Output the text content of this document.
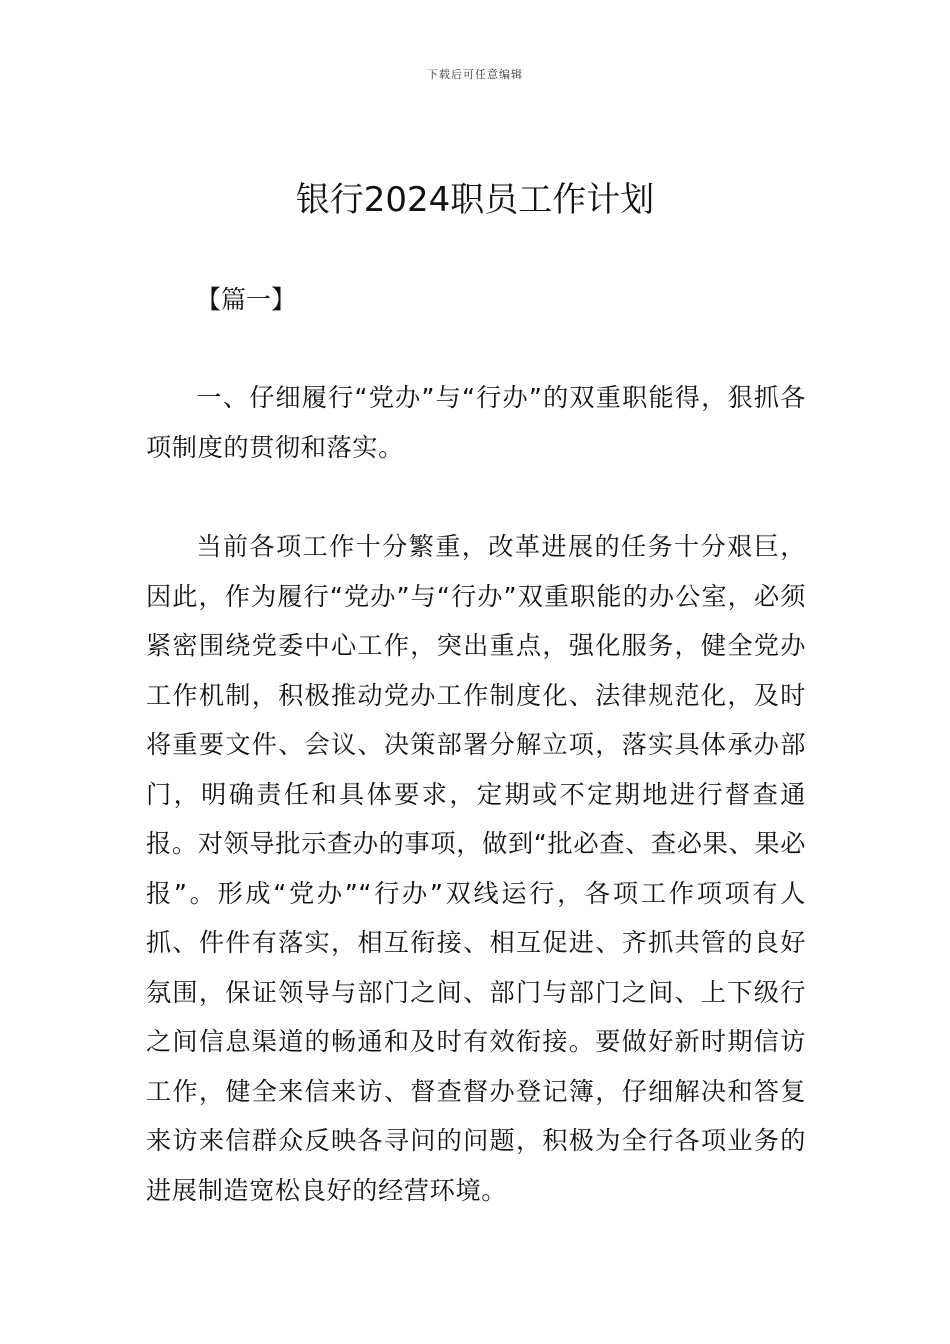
下载后可任意编辑
银行2024职员工作计划
【篇一】

一、仔细履行“党办”与“行办”的双重职能得，狠抓各项制度的贯彻和落实。

当前各项工作十分繁重，改革进展的任务十分艰巨，因此，作为履行“党办”与“行办”双重职能的办公室，必须紧密围绕党委中心工作，突出重点，强化服务，健全党办工作机制，积极推动党办工作制度化、法律规范化，及时将重要文件、会议、决策部署分解立项，落实具体承办部门，明确责任和具体要求，定期或不定期地进行督查通报。对领导批示查办的事项，做到“批必查、查必果、果必报”。形成“党办”“行办”双线运行，各项工作项项有人抓、件件有落实，相互衔接、相互促进、齐抓共管的良好氛围，保证领导与部门之间、部门与部门之间、上下级行之间信息渠道的畅通和及时有效衔接。要做好新时期信访工作，健全来信来访、督查督办登记簿，仔细解决和答复来访来信群众反映各寻问的问题，积极为全行各项业务的进展制造宽松良好的经营环境。
